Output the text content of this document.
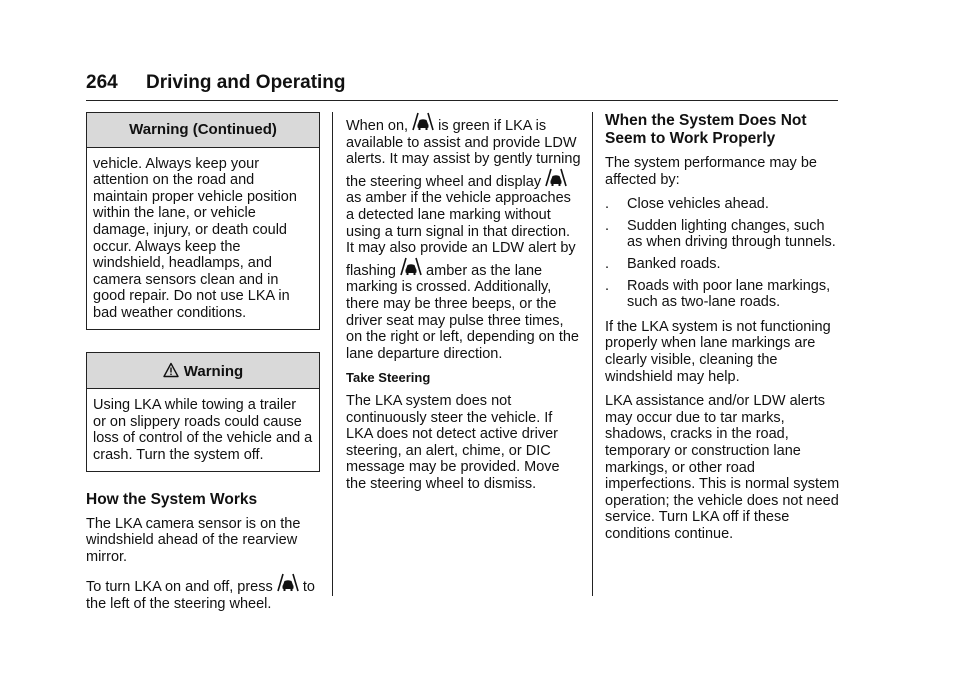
264 Driving and Operating
Warning (Continued)
vehicle. Always keep your attention on the road and maintain proper vehicle position within the lane, or vehicle damage, injury, or death could occur. Always keep the windshield, headlamps, and camera sensors clean and in good repair. Do not use LKA in bad weather conditions.
Warning
Using LKA while towing a trailer or on slippery roads could cause loss of control of the vehicle and a crash. Turn the system off.
How the System Works

The LKA camera sensor is on the windshield ahead of the rearview mirror.

To turn LKA on and off, press to the left of the steering wheel.

When on, is green if LKA is available to assist and provide LDW alerts. It may assist by gently turning the steering wheel and display  as amber if the vehicle approaches a detected lane marking without using a turn signal in that direction. It may also provide an LDW alert by flashing amber as the lane marking is crossed. Additionally, there may be three beeps, or the driver seat may pulse three times, on the right or left, depending on the lane departure direction.

Take Steering

The LKA system does not continuously steer the vehicle. If LKA does not detect active driver steering, an alert, chime, or DIC message may be provided. Move the steering wheel to dismiss.

When the System Does Not Seem to Work Properly

The system performance may be affected by:

. Close vehicles ahead.
. Sudden lighting changes, such as when driving through tunnels.
. Banked roads.
. Roads with poor lane markings, such as two-lane roads.

If the LKA system is not functioning properly when lane markings are clearly visible, cleaning the windshield may help.

LKA assistance and/or LDW alerts may occur due to tar marks, shadows, cracks in the road, temporary or construction lane markings, or other road imperfections. This is normal system operation; the vehicle does not need service. Turn LKA off if these conditions continue.
